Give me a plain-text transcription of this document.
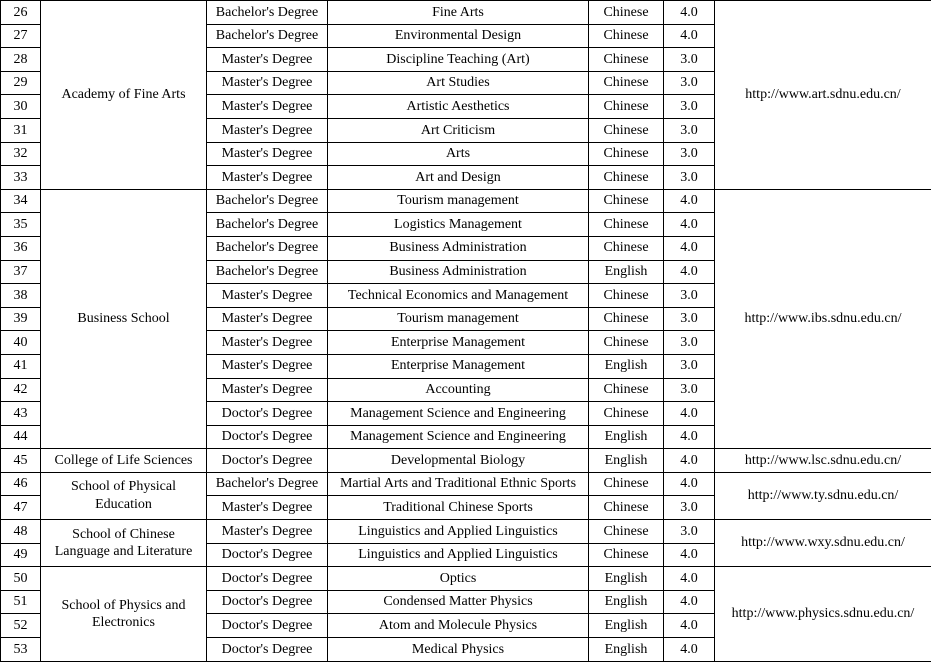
26	Academy of Fine Arts	Bachelor's Degree	Fine Arts	Chinese	4.0	http://www.art.sdnu.edu.cn/
27		Bachelor's Degree	Environmental Design	Chinese	4.0	
28		Master's Degree	Discipline Teaching (Art)	Chinese	3.0	
29		Master's Degree	Art Studies	Chinese	3.0	
30		Master's Degree	Artistic Aesthetics	Chinese	3.0	
31		Master's Degree	Art Criticism	Chinese	3.0	
32		Master's Degree	Arts	Chinese	3.0	
33		Master's Degree	Art and Design	Chinese	3.0	
34	Business School	Bachelor's Degree	Tourism management	Chinese	4.0	http://www.ibs.sdnu.edu.cn/
35		Bachelor's Degree	Logistics Management	Chinese	4.0	
36		Bachelor's Degree	Business Administration	Chinese	4.0	
37		Bachelor's Degree	Business Administration	English	4.0	
38		Master's Degree	Technical Economics and Management	Chinese	3.0	
39		Master's Degree	Tourism management	Chinese	3.0	
40		Master's Degree	Enterprise Management	Chinese	3.0	
41		Master's Degree	Enterprise Management	English	3.0	
42		Master's Degree	Accounting	Chinese	3.0	
43		Doctor's Degree	Management Science and Engineering	Chinese	4.0	
44		Doctor's Degree	Management Science and Engineering	English	4.0	
45	College of Life Sciences	Doctor's Degree	Developmental Biology	English	4.0	http://www.lsc.sdnu.edu.cn/
46	School of Physical Education	Bachelor's Degree	Martial Arts and Traditional Ethnic Sports	Chinese	4.0	http://www.ty.sdnu.edu.cn/
47		Master's Degree	Traditional Chinese Sports	Chinese	3.0	
48	School of Chinese Language and Literature	Master's Degree	Linguistics and Applied Linguistics	Chinese	3.0	http://www.wxy.sdnu.edu.cn/
49		Doctor's Degree	Linguistics and Applied Linguistics	Chinese	4.0	
50	School of Physics and Electronics	Doctor's Degree	Optics	English	4.0	http://www.physics.sdnu.edu.cn/
51		Doctor's Degree	Condensed Matter Physics	English	4.0	
52		Doctor's Degree	Atom and Molecule Physics	English	4.0	
53		Doctor's Degree	Medical Physics	English	4.0	
